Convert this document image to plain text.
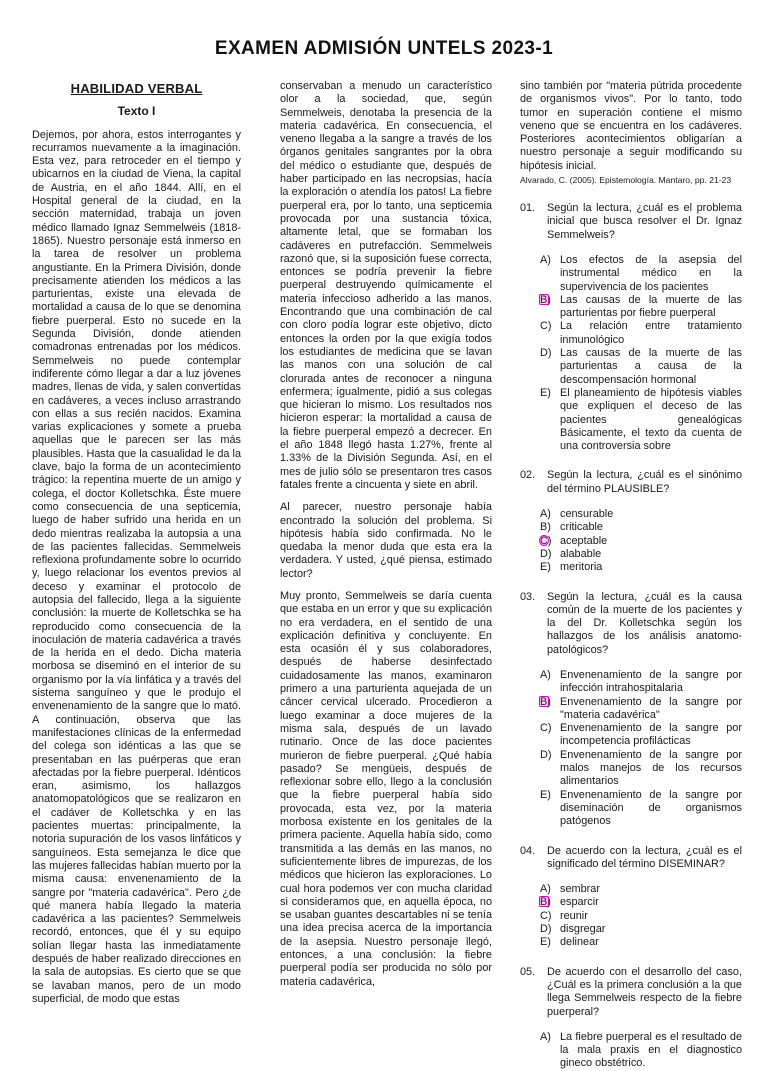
EXAMEN ADMISIÓN UNTELS 2023-1
HABILIDAD VERBAL
Texto I

Dejemos, por ahora, estos interrogantes y recurramos nuevamente a la imaginación. Esta vez, para retroceder en el tiempo y ubicarnos en la ciudad de Viena, la capital de Austria, en el año 1844. Allí, en el Hospital general de la ciudad, en la sección maternidad, trabaja un joven médico llamado Ignaz Semmelweis (1818-1865). Nuestro personaje está inmerso en la tarea de resolver un problema angustiante. En la Primera División, donde precisamente atienden los médicos a las parturientas, existe una elevada de mortalidad a causa de lo que se denomina fiebre puerperal. Esto no sucede en la Segunda División, donde atienden comadronas entrenadas por los médicos. Semmelweis no puede contemplar indiferente cómo llegar a dar a luz jóvenes madres, llenas de vida, y salen convertidas en cadáveres, a veces incluso arrastrando con ellas a sus recién nacidos. Examina varias explicaciones y somete a prueba aquellas que le parecen ser las más plausibles. Hasta que la casualidad le da la clave, bajo la forma de un acontecimiento trágico: la repentina muerte de un amigo y colega, el doctor Kolletschka. Éste muere como consecuencia de una septicemia, luego de haber sufrido una herida en un dedo mientras realizaba la autopsia a una de las pacientes fallecidas. Semmelweis reflexiona profundamente sobre lo ocurrido y, luego relacionar los eventos previos al deceso y examinar el protocolo de autopsia del fallecido, llega a la siguiente conclusión: la muerte de Kolletschka se ha reproducido como consecuencia de la inoculación de materia cadavérica a través de la herida en el dedo. Dicha materia morbosa se diseminó en el interior de su organismo por la vía linfática y a través del sistema sanguíneo y que le produjo el envenenamiento de la sangre que lo mató. A continuación, observa que las manifestaciones clínicas de la enfermedad del colega son idénticas a las que se presentaban en las puérperas que eran afectadas por la fiebre puerperal. Idénticos eran, asimismo, los hallazgos anatomopatológicos que se realizaron en el cadáver de Kolletschka y en las pacientes muertas: principalmente, la notoria supuración de los vasos linfáticos y sanguíneos. Esta semejanza le dice que las mujeres fallecidas habían muerto por la misma causa: envenenamiento de la sangre por "materia cadavérica". Pero ¿de qué manera había llegado la materia cadavérica a las pacientes? Semmelweis recordó, entonces, que él y su equipo solían llegar hasta las inmediatamente después de haber realizado direcciones en la sala de autopsias. Es cierto que se que se lavaban manos, pero de un modo superficial, de modo que estas

conservaban a menudo un característico olor a la sociedad, que, según Semmelweis, denotaba la presencia de la materia cadavérica. En consecuencia, el veneno llegaba a la sangre a través de los órganos genitales sangrantes por la obra del médico o estudiante que, después de haber participado en las necropsias, hacía la exploración o atendía los patos! La fiebre puerperal era, por lo tanto, una septicemia provocada por una sustancia tóxica, altamente letal, que se formaban los cadáveres en putrefacción. Semmelweis razonó que, si la suposición fuese correcta, entonces se podría prevenir la fiebre puerperal destruyendo químicamente el materia infeccioso adherido a las manos. Encontrando que una combinación de cal con cloro podía lograr este objetivo, dicto entonces la orden por la que exigía todos los estudiantes de medicina que se lavan las manos con una solución de cal clorurada antes de reconocer a ninguna enfermera; igualmente, pidió a sus colegas que hicieran lo mismo. Los resultados nos hicieron esperar: la mortalidad a causa de la fiebre puerperal empezó a decrecer. En el año 1848 llegó hasta 1.27%, frente al 1.33% de la División Segunda. Así, en el mes de julio sólo se presentaron tres casos fatales frente a cincuenta y siete en abril.

Al parecer, nuestro personaje había encontrado la solución del problema. Si hipótesis había sido confirmada. No le quedaba la menor duda que esta era la verdadera. Y usted, ¿qué piensa, estimado lector?

Muy pronto, Semmelweis se daría cuenta que estaba en un error y que su explicación no era verdadera, en el sentido de una explicación definitiva y concluyente. En esta ocasión él y sus colaboradores, después de haberse desinfectado cuidadosamente las manos, examinaron primero a una parturienta aquejada de un cáncer cervical ulcerado. Procedieron a luego examinar a doce mujeres de la misma sala, después de un lavado rutinario. Once de las doce pacientes murieron de fiebre puerperal. ¿Qué había pasado? Se mengüeis, después de reflexionar sobre ello, llego a la conclusión que la fiebre puerperal había sido provocada, esta vez, por la materia morbosa existente en los genitales de la primera paciente. Aquella había sido, como transmitida a las demás en las manos, no suficientemente libres de impurezas, de los médicos que hicieron las exploraciones. Lo cual hora podemos ver con mucha claridad si consideramos que, en aquella época, no se usaban guantes descartables ni se tenía una idea precisa acerca de la importancia de la asepsia. Nuestro personaje llegó, entonces, a una conclusión: la fiebre puerperal podía ser producida no sólo por materia cadavérica,

sino también por "materia pútrida procedente de organismos vivos". Por lo tanto, todo tumor en superación contiene el mismo veneno que se encuentra en los cadáveres. Posteriores acontecimientos obligarían a nuestro personaje a seguir modificando su hipótesis inicial.

Alvarado, C. (2005). Epistemología. Mantaro, pp. 21-23
01.	Según la lectura, ¿cuál es el problema inicial que busca resolver el Dr. Ignaz Semmelweis?
A) Los efectos de la asepsia del instrumental médico en la supervivencia de los pacientes
B) Las causas de la muerte de las parturientas por fiebre puerperal
C) La relación entre tratamiento inmunológico
D) Las causas de la muerte de las parturientas a causa de la descompensación hormonal
E) El planeamiento de hipótesis viables que expliquen el deceso de las pacientes genealógicas Básicamente, el texto da cuenta de una controversia sobre
02.	Según la lectura, ¿cuál es el sinónimo del término PLAUSIBLE?
A) censurable
B) criticable
C) aceptable
D) alabable
E) meritoria
03.	Según la lectura, ¿cuál es la causa común de la muerte de los pacientes y la del Dr. Kolletschka según los hallazgos de los análisis anatomo-patológicos?
A) Envenenamiento de la sangre por infección intrahospitalaria
B) Envenenamiento de la sangre por "materia cadavérica"
C) Envenenamiento de la sangre por incompetencia profilácticas
D) Envenenamiento de la sangre por malos manejos de los recursos alimentarios
E) Envenenamiento de la sangre por diseminación de organismos patógenos
04.	De acuerdo con la lectura, ¿cuál es el significado del término DISEMINAR?
A) sembrar
B) esparcir
C) reunir
D) disgregar
E) delinear
05.	De acuerdo con el desarrollo del caso, ¿Cuál es la primera conclusión a la que llega Semmelweis respecto de la fiebre puerperal?
A) La fiebre puerperal es el resultado de la mala praxis en el diagnostico gineco obstétrico.
